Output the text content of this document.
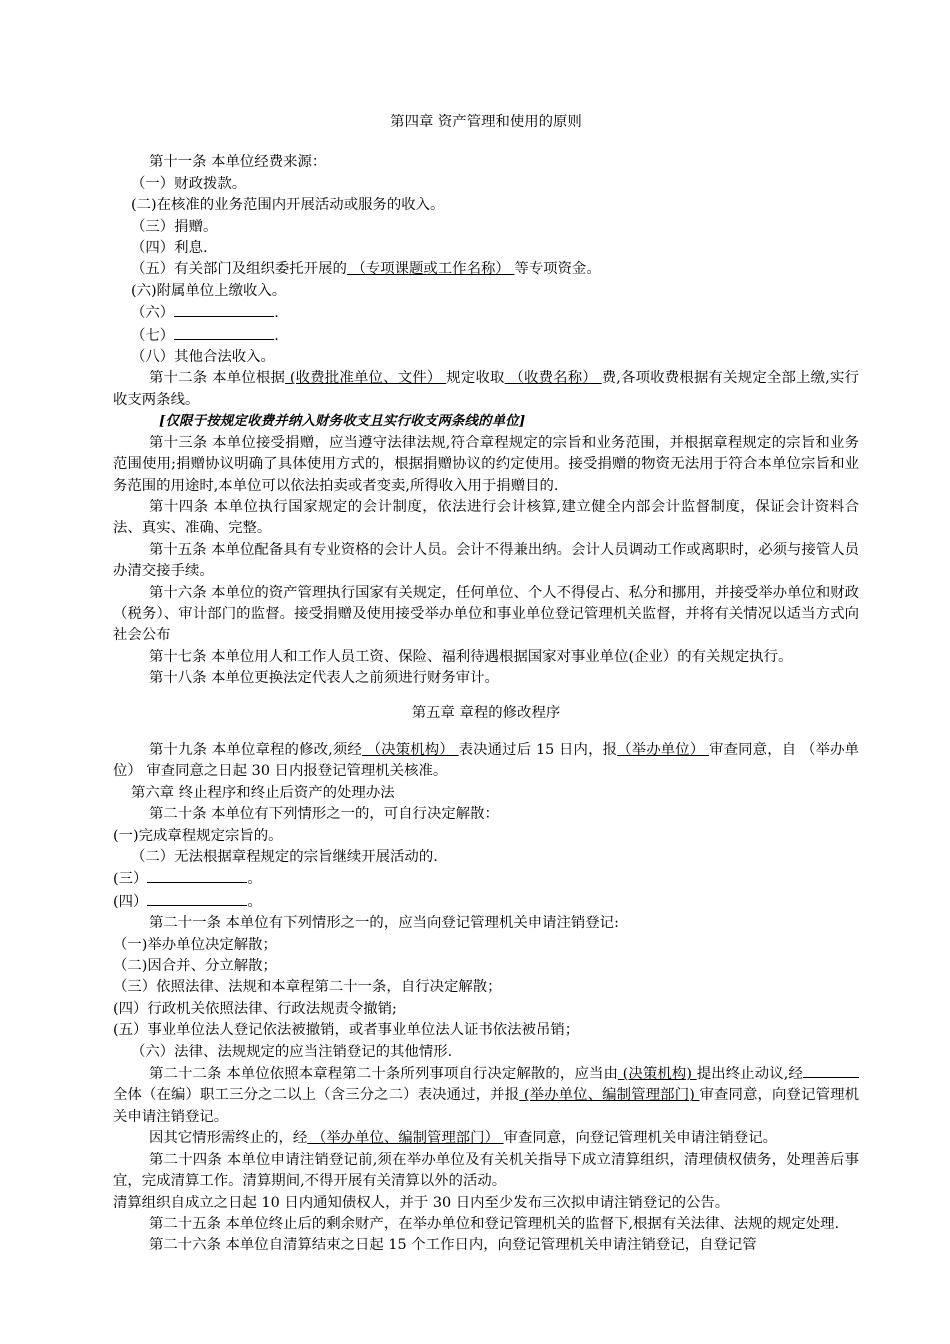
第四章 资产管理和使用的原则

第十一条 本单位经费来源：

（一）财政拨款。

(二)在核准的业务范围内开展活动或服务的收入。

（三）捐赠。

（四）利息.

（五）有关部门及组织委托开展的 （专项课题或工作名称） 等专项资金。

(六)附属单位上缴收入。

（六）	.

（七）	.

（八）其他合法收入。

第十二条 本单位根据 (收费批准单位、文件） 规定收取 （收费名称） 费,各项收费根据有关规定全部上缴,实行收支两条线。

[仅限于按规定收费并纳入财务收支且实行收支两条线的单位]

第十三条 本单位接受捐赠，应当遵守法律法规,符合章程规定的宗旨和业务范围，并根据章程规定的宗旨和业务范围使用;捐赠协议明确了具体使用方式的，根据捐赠协议的约定使用。接受捐赠的物资无法用于符合本单位宗旨和业务范围的用途时,本单位可以依法拍卖或者变卖,所得收入用于捐赠目的.

第十四条 本单位执行国家规定的会计制度，依法进行会计核算,建立健全内部会计监督制度，保证会计资料合法、真实、准确、完整。

第十五条 本单位配备具有专业资格的会计人员。会计不得兼出纳。会计人员调动工作或离职时，必须与接管人员办清交接手续。

第十六条 本单位的资产管理执行国家有关规定，任何单位、个人不得侵占、私分和挪用，并接受举办单位和财政（税务）、审计部门的监督。接受捐赠及使用接受举办单位和事业单位登记管理机关监督，并将有关情况以适当方式向社会公布

第十七条 本单位用人和工作人员工资、保险、福利待遇根据国家对事业单位(企业）的有关规定执行。

第十八条 本单位更换法定代表人之前须进行财务审计。

第五章 章程的修改程序

第十九条 本单位章程的修改,须经 （决策机构） 表决通过后 15 日内，报（举办单位） 审查同意，自 （举办单位） 审查同意之日起 30 日内报登记管理机关核准。

第六章 终止程序和终止后资产的处理办法

第二十条 本单位有下列情形之一的，可自行决定解散：

(一)完成章程规定宗旨的。

（二）无法根据章程规定的宗旨继续开展活动的.

(三）	。

(四）	。

第二十一条 本单位有下列情形之一的，应当向登记管理机关申请注销登记:

（一)举办单位决定解散；

（二)因合并、分立解散；

（三）依照法律、法规和本章程第二十一条，自行决定解散；

(四）行政机关依照法律、行政法规责令撤销;

(五）事业单位法人登记依法被撤销，或者事业单位法人证书依法被吊销；

（六）法律、法规规定的应当注销登记的其他情形.

第二十二条 本单位依照本章程第二十条所列事项自行决定解散的，应当由 (决策机构) 提出终止动议,经全体（在编）职工三分之二以上（含三分之二）表决通过，并报 (举办单位、编制管理部门) 审查同意，向登记管理机关申请注销登记。

因其它情形需终止的，经 （举办单位、编制管理部门） 审查同意，向登记管理机关申请注销登记。

第二十四条 本单位申请注销登记前,须在举办单位及有关机关指导下成立清算组织，清理债权债务，处理善后事宜，完成清算工作。清算期间,不得开展有关清算以外的活动。

清算组织自成立之日起 10 日内通知债权人，并于 30 日内至少发布三次拟申请注销登记的公告。

第二十五条 本单位终止后的剩余财产，在举办单位和登记管理机关的监督下,根据有关法律、法规的规定处理.

第二十六条 本单位自清算结束之日起 15 个工作日内，向登记管理机关申请注销登记，自登记管
